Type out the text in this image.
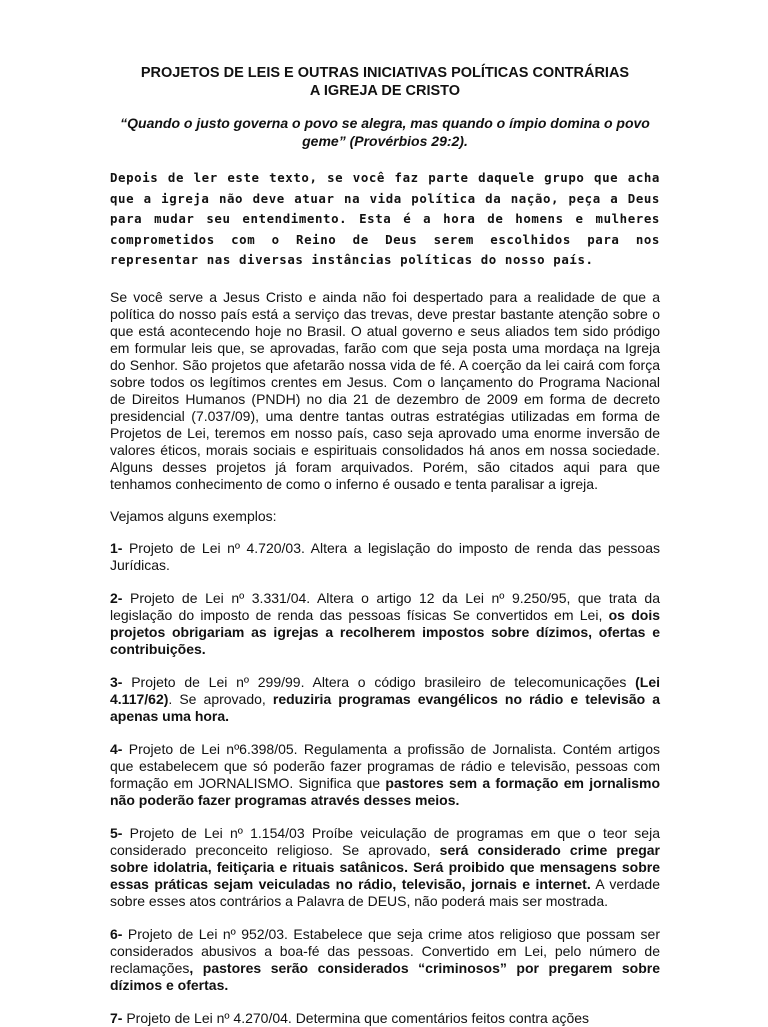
PROJETOS DE LEIS E OUTRAS INICIATIVAS POLÍTICAS CONTRÁRIAS
A IGREJA DE CRISTO

“Quando o justo governa o povo se alegra, mas quando o ímpio domina o povo geme” (Provérbios 29:2).

Depois de ler este texto, se você faz parte daquele grupo que acha que a igreja não deve atuar na vida política da nação, peça a Deus para mudar seu entendimento. Esta é a hora de homens e mulheres comprometidos com o Reino de Deus serem escolhidos para nos representar nas diversas instâncias políticas do nosso país.

Se você serve a Jesus Cristo e ainda não foi despertado para a realidade de que a política do nosso país está a serviço das trevas, deve prestar bastante atenção sobre o que está acontecendo hoje no Brasil. O atual governo e seus aliados tem sido pródigo em formular leis que, se aprovadas, farão com que seja posta uma mordaça na Igreja do Senhor. São projetos que afetarão nossa vida de fé. A coerção da lei cairá com força sobre todos os legítimos crentes em Jesus. Com o lançamento do Programa Nacional de Direitos Humanos (PNDH) no dia 21 de dezembro de 2009 em forma de decreto presidencial (7.037/09), uma dentre tantas outras estratégias utilizadas em forma de Projetos de Lei, teremos em nosso país, caso seja aprovado uma enorme inversão de valores éticos, morais sociais e espirituais consolidados há anos em nossa sociedade. Alguns desses projetos já foram arquivados. Porém, são citados aqui para que tenhamos conhecimento de como o inferno é ousado e tenta paralisar a igreja.

Vejamos alguns exemplos:

1- Projeto de Lei nº 4.720/03. Altera a legislação do imposto de renda das pessoas Jurídicas.

2- Projeto de Lei nº 3.331/04. Altera o artigo 12 da Lei nº 9.250/95, que trata da legislação do imposto de renda das pessoas físicas Se convertidos em Lei, os dois projetos obrigariam as igrejas a recolherem impostos sobre dízimos, ofertas e contribuições.

3- Projeto de Lei nº 299/99. Altera o código brasileiro de telecomunicações (Lei 4.117/62). Se aprovado, reduziria programas evangélicos no rádio e televisão a apenas uma hora.

4- Projeto de Lei nº6.398/05. Regulamenta a profissão de Jornalista. Contém artigos que estabelecem que só poderão fazer programas de rádio e televisão, pessoas com formação em JORNALISMO. Significa que pastores sem a formação em jornalismo não poderão fazer programas através desses meios.

5- Projeto de Lei nº 1.154/03 Proíbe veiculação de programas em que o teor seja considerado preconceito religioso. Se aprovado, será considerado crime pregar sobre idolatria, feitiçaria e rituais satânicos. Será proibido que mensagens sobre essas práticas sejam veiculadas no rádio, televisão, jornais e internet. A verdade sobre esses atos contrários a Palavra de DEUS, não poderá mais ser mostrada.

6- Projeto de Lei nº 952/03. Estabelece que seja crime atos religioso que possam ser considerados abusivos a boa-fé das pessoas. Convertido em Lei, pelo número de reclamações, pastores serão considerados “criminosos” por pregarem sobre dízimos e ofertas.

7- Projeto de Lei nº 4.270/04. Determina que comentários feitos contra ações
